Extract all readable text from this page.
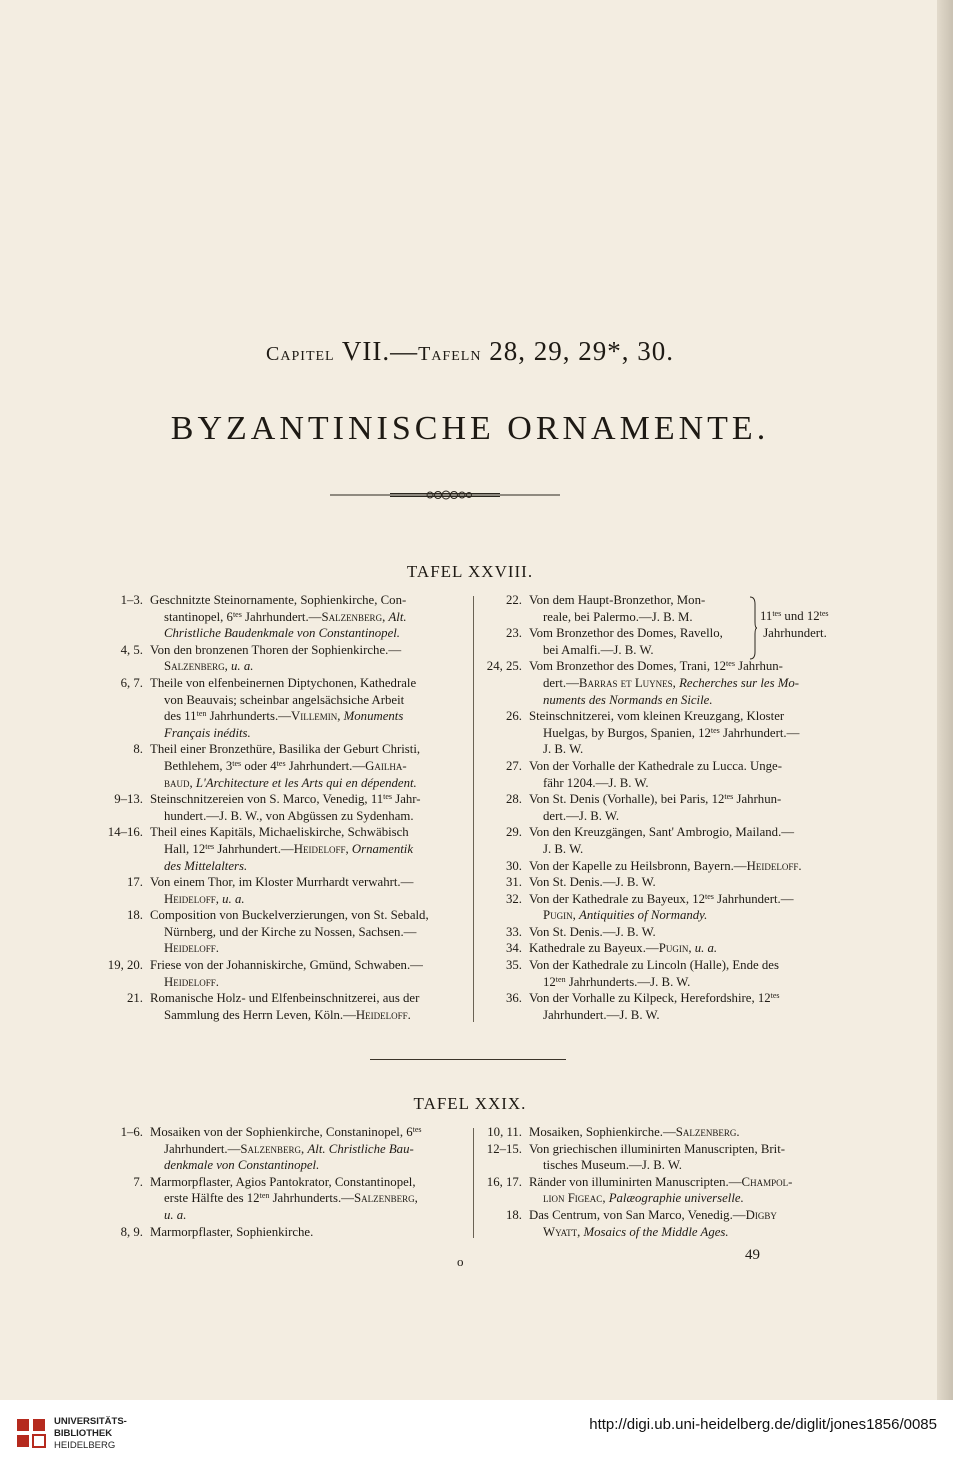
Capitel VII.—Tafeln 28, 29, 29*, 30.
BYZANTINISCHE ORNAMENTE.
TAFEL XXVIII.
1–3. Geschnitzte Steinornamente, Sophienkirche, Con-
stantinopel, $6^{tes}$ Jahrhundert.—Salzenberg, Alt.
Christliche Baudenkmale von Constantinopel.
4, 5. Von den bronzenen Thoren der Sophienkirche.—
Salzenberg, u. a.
6, 7. Theile von elfenbeinernen Diptychonen, Kathedrale
von Beauvais; scheinbar angelsächsiche Arbeit
des $11^{ten}$ Jahrhunderts.—Villemin, Monuments
Français inédits.
8. Theil einer Bronzethüre, Basilika der Geburt Christi,
Bethlehem, $3^{tes}$ oder $4^{tes}$ Jahrhundert.—Gailha-
baud, L'Architecture et les Arts qui en dépendent.
9–13. Steinschnitzereien von S. Marco, Venedig, $11^{tes}$ Jahr-
hundert.—J. B. W., von Abgüssen zu Sydenham.
14–16. Theil eines Kapitäls, Michaeliskirche, Schwäbisch
Hall, $12^{tes}$ Jahrhundert.—Heideloff, Ornamentik
des Mittelalters.
17. Von einem Thor, im Kloster Murrhardt verwahrt.—
Heideloff, u. a.
18. Composition von Buckelverzierungen, von St. Sebald,
Nürnberg, und der Kirche zu Nossen, Sachsen.—
Heideloff.
19, 20. Friese von der Johanniskirche, Gmünd, Schwaben.—
Heideloff.
21. Romanische Holz- und Elfenbeinschnitzerei, aus der
Sammlung des Herrn Leven, Köln.—Heideloff.
22. Von dem Haupt-Bronzethor, Mon-
reale, bei Palermo.—J. B. M.
23. Vom Bronzethor des Domes, Ravello,
bei Amalfi.—J. B. W.
24, 25. Vom Bronzethor des Domes, Trani, $12^{tes}$ Jahrhun-
dert.—Barras et Luynes, Recherches sur les Mo-
numents des Normands en Sicile.
26. Steinschnitzerei, vom kleinen Kreuzgang, Kloster
Huelgas, by Burgos, Spanien, $12^{tes}$ Jahrhundert.—
J. B. W.
27. Von der Vorhalle der Kathedrale zu Lucca. Unge-
fähr 1204.—J. B. W.
28. Von St. Denis (Vorhalle), bei Paris, $12^{tes}$ Jahrhun-
dert.—J. B. W.
29. Von den Kreuzgängen, Sant' Ambrogio, Mailand.—
J. B. W.
30. Von der Kapelle zu Heilsbronn, Bayern.—Heideloff.
31. Von St. Denis.—J. B. W.
32. Von der Kathedrale zu Bayeux, $12^{tes}$ Jahrhundert.—
Pugin, Antiquities of Normandy.
33. Von St. Denis.—J. B. W.
34. Kathedrale zu Bayeux.—Pugin, u. a.
35. Von der Kathedrale zu Lincoln (Halle), Ende des
$12^{ten}$ Jahrhunderts.—J. B. W.
36. Von der Vorhalle zu Kilpeck, Herefordshire, $12^{tes}$
Jahrhundert.—J. B. W.
$11^{tes}$ und $12^{tes}$
Jahrhundert.
TAFEL XXIX.
1–6. Mosaiken von der Sophienkirche, Constaninopel, $6^{tes}$
Jahrhundert.—Salzenberg, Alt. Christliche Bau-
denkmale von Constantinopel.
7. Marmorpflaster, Agios Pantokrator, Constantinopel,
erste Hälfte des $12^{ten}$ Jahrhunderts.—Salzenberg,
u. a.
8, 9. Marmorpflaster, Sophienkirche.
10, 11. Mosaiken, Sophienkirche.—Salzenberg.
12–15. Von griechischen illuminirten Manuscripten, Brit-
tisches Museum.—J. B. W.
16, 17. Ränder von illuminirten Manuscripten.—Champol-
lion Figeac, Palæographie universelle.
18. Das Centrum, von San Marco, Venedig.—Digby
Wyatt, Mosaics of the Middle Ages.
o	49
UNIVERSITÄTS-
BIBLIOTHEK
HEIDELBERG
http://digi.ub.uni-heidelberg.de/diglit/jones1856/0085
